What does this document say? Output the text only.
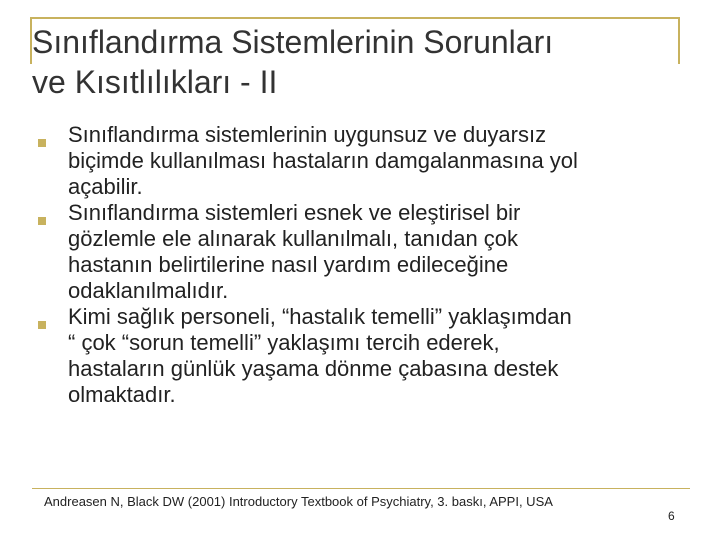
Sınıflandırma Sistemlerinin Sorunları
ve Kısıtlılıkları - II
Sınıflandırma sistemlerinin uygunsuz ve duyarsız
biçimde kullanılması hastaların damgalanmasına yol
açabilir.
Sınıflandırma sistemleri esnek ve eleştirisel bir
gözlemle ele alınarak kullanılmalı, tanıdan çok
hastanın belirtilerine nasıl yardım edileceğine
odaklanılmalıdır.
Kimi sağlık personeli, “hastalık temelli” yaklaşımdan
“ çok “sorun temelli” yaklaşımı tercih ederek,
hastaların günlük yaşama dönme çabasına destek
olmaktadır.
Andreasen N, Black DW (2001) Introductory Textbook of Psychiatry, 3. baskı, APPI, USA
6
